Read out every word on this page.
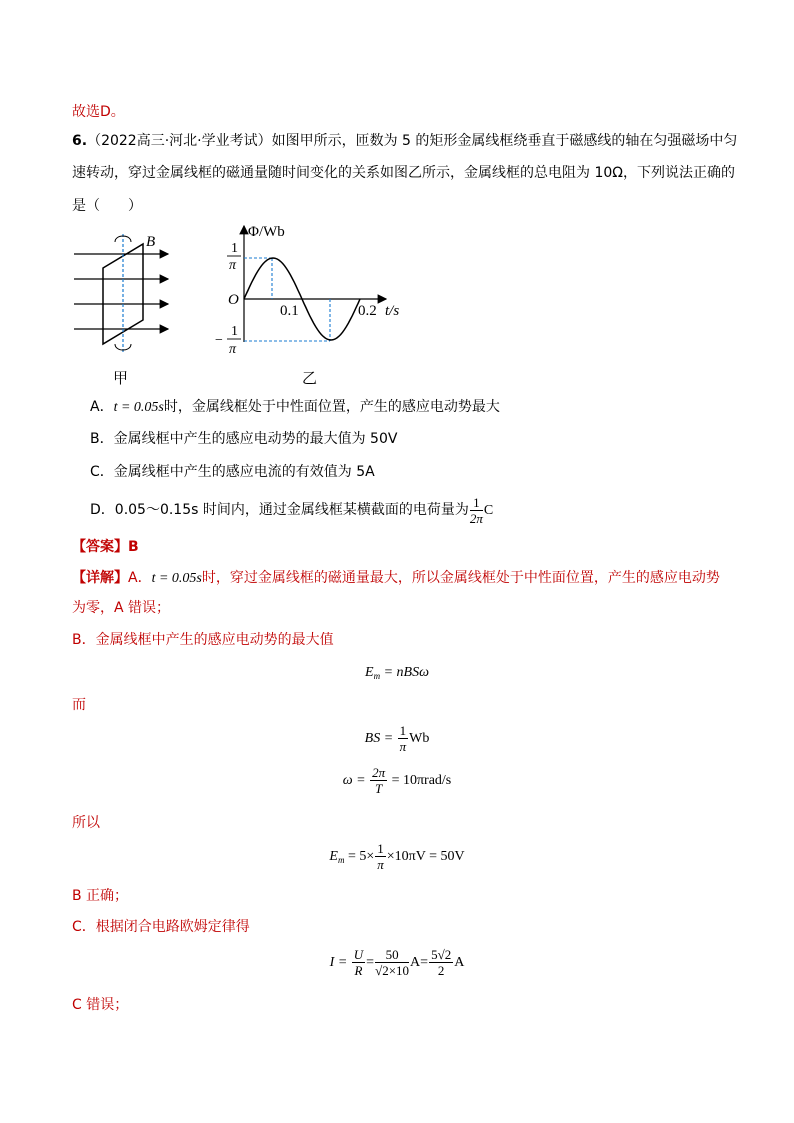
故选D。
6.（2022高三·河北·学业考试）如图甲所示，匝数为 5 的矩形金属线框绕垂直于磁感线的轴在匀强磁场中匀
速转动，穿过金属线框的磁通量随时间变化的关系如图乙所示，金属线框的总电阻为 10Ω，下列说法正确的
是（　　）
B
甲
Φ/Wb
O
0.1	0.2 t/s
1
π
−
1
π
乙
A．t = 0.05s时，金属线框处于中性面位置，产生的感应电动势最大
B．金属线框中产生的感应电动势的最大值为 50V
C．金属线框中产生的感应电流的有效值为 5A
D．0.05～0.15s 时间内，通过金属线框某横截面的电荷量为 $\frac{1}{2\pi}$ C
【答案】B
【详解】A．t = 0.05s时，穿过金属线框的磁通量最大，所以金属线框处于中性面位置，产生的感应电动势
为零，A 错误；
B．金属线框中产生的感应电动势的最大值
$E_m = nBS\omega$
而
BS = $\frac{1}{\pi}$ Wb
$\omega = \frac{2\pi}{T} = 10\pi rad/s$
所以
$E_m = 5\times \frac{1}{\pi} \times 10\pi V = 50V$
B 正确；
C．根据闭合电路欧姆定律得
$I = \frac{U}{R} = \frac{50}{√2\times 10} A= \frac{5√2}{2}$ A
C 错误；
